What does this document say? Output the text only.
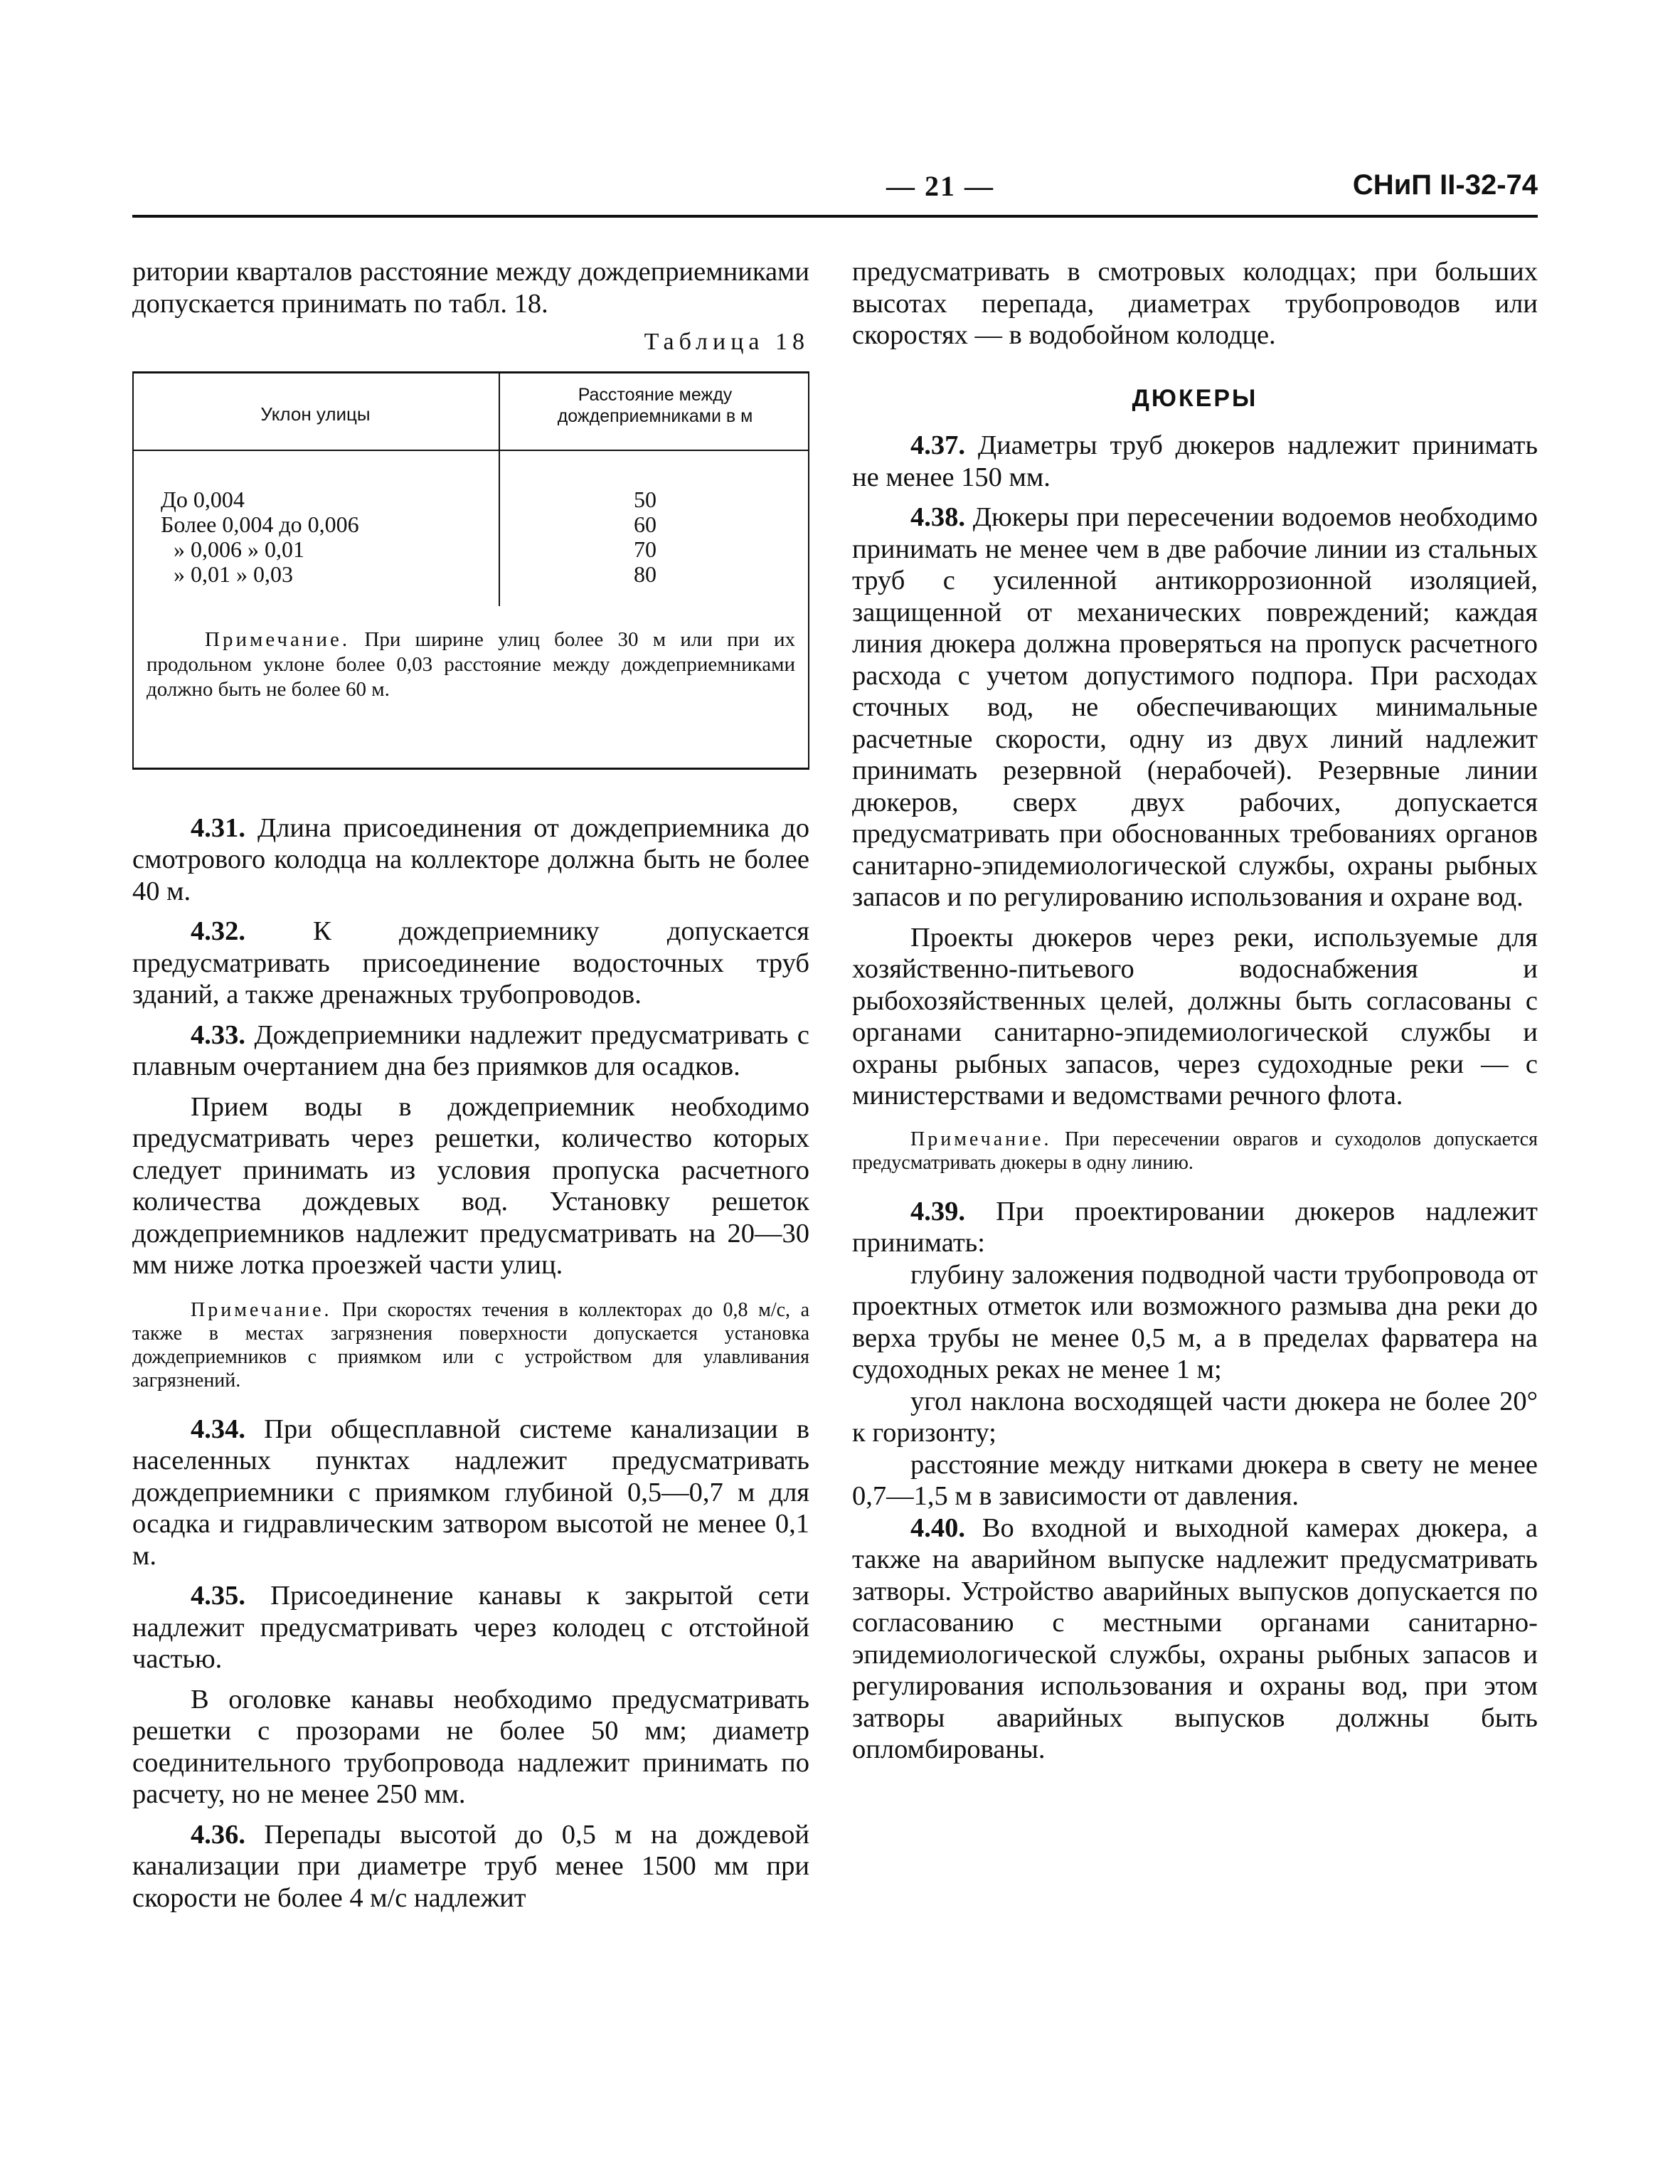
— 21 —	СНиП II-32-74

ритории кварталов расстояние между дождеприемниками допускается принимать по табл. 18.

Таблица 18
Уклон улицы
Расстояние между дождеприемниками в м
До 0,004	50
Более 0,004 до 0,006	60
» 0,006 » 0,01	70
» 0,01 » 0,03	80
Примечание. При ширине улиц более 30 м или при их продольном уклоне более 0,03 расстояние между дождеприемниками должно быть не более 60 м.

4.31. Длина присоединения от дождеприемника до смотрового колодца на коллекторе должна быть не более 40 м.

4.32. К дождеприемнику допускается предусматривать присоединение водосточных труб зданий, а также дренажных трубопроводов.

4.33. Дождеприемники надлежит предусматривать с плавным очертанием дна без приямков для осадков.

Прием воды в дождеприемник необходимо предусматривать через решетки, количество которых следует принимать из условия пропуска расчетного количества дождевых вод. Установку решеток дождеприемников надлежит предусматривать на 20—30 мм ниже лотка проезжей части улиц.

Примечание. При скоростях течения в коллекторах до 0,8 м/с, а также в местах загрязнения поверхности допускается установка дождеприемников с приямком или с устройством для улавливания загрязнений.

4.34. При общесплавной системе канализации в населенных пунктах надлежит предусматривать дождеприемники с приямком глубиной 0,5—0,7 м для осадка и гидравлическим затвором высотой не менее 0,1 м.

4.35. Присоединение канавы к закрытой сети надлежит предусматривать через колодец с отстойной частью.

В оголовке канавы необходимо предусматривать решетки с прозорами не более 50 мм; диаметр соединительного трубопровода надлежит принимать по расчету, но не менее 250 мм.

4.36. Перепады высотой до 0,5 м на дождевой канализации при диаметре труб менее 1500 мм при скорости не более 4 м/с надлежит

предусматривать в смотровых колодцах; при больших высотах перепада, диаметрах трубопроводов или скоростях — в водобойном колодце.

ДЮКЕРЫ

4.37. Диаметры труб дюкеров надлежит принимать не менее 150 мм.

4.38. Дюкеры при пересечении водоемов необходимо принимать не менее чем в две рабочие линии из стальных труб с усиленной антикоррозионной изоляцией, защищенной от механических повреждений; каждая линия дюкера должна проверяться на пропуск расчетного расхода с учетом допустимого подпора. При расходах сточных вод, не обеспечивающих минимальные расчетные скорости, одну из двух линий надлежит принимать резервной (нерабочей). Резервные линии дюкеров, сверх двух рабочих, допускается предусматривать при обоснованных требованиях органов санитарно-эпидемиологической службы, охраны рыбных запасов и по регулированию использования и охране вод.

Проекты дюкеров через реки, используемые для хозяйственно-питьевого водоснабжения и рыбохозяйственных целей, должны быть согласованы с органами санитарно-эпидемиологической службы и охраны рыбных запасов, через судоходные реки — с министерствами и ведомствами речного флота.

Примечание. При пересечении оврагов и суходолов допускается предусматривать дюкеры в одну линию.

4.39. При проектировании дюкеров надлежит принимать:

глубину заложения подводной части трубопровода от проектных отметок или возможного размыва дна реки до верха трубы не менее 0,5 м, а в пределах фарватера на судоходных реках не менее 1 м;

угол наклона восходящей части дюкера не более 20° к горизонту;

расстояние между нитками дюкера в свету не менее 0,7—1,5 м в зависимости от давления.

4.40. Во входной и выходной камерах дюкера, а также на аварийном выпуске надлежит предусматривать затворы. Устройство аварийных выпусков допускается по согласованию с местными органами санитарно-эпидемиологической службы, охраны рыбных запасов и регулирования использования и охраны вод, при этом затворы аварийных выпусков должны быть опломбированы.
